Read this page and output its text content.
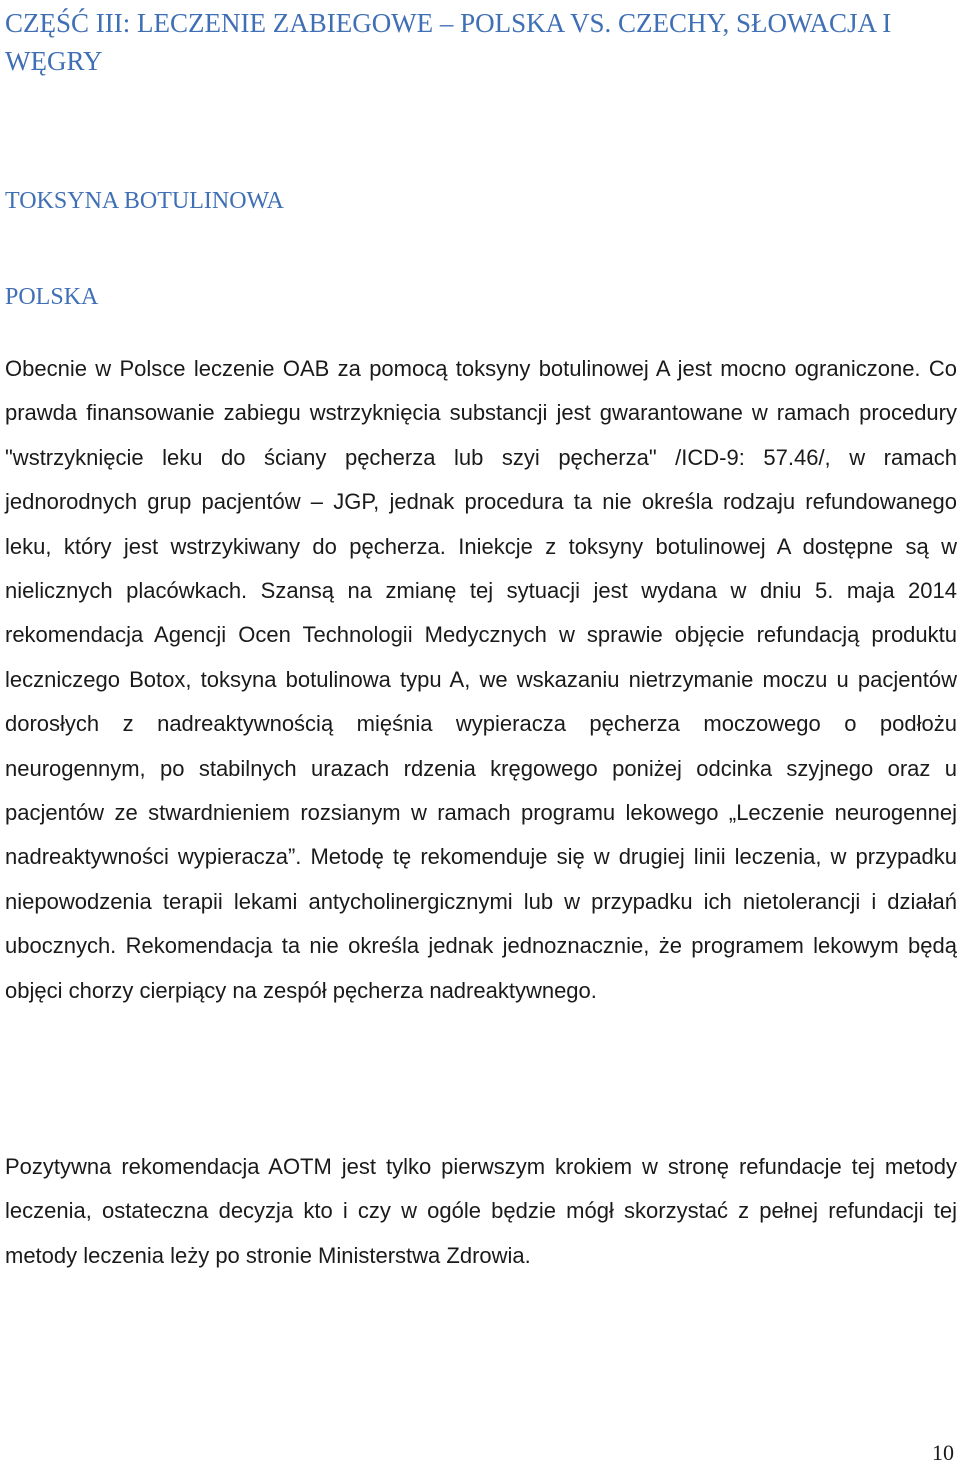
CZĘŚĆ III: LECZENIE ZABIEGOWE – POLSKA VS. CZECHY, SŁOWACJA I WĘGRY
TOKSYNA BOTULINOWA
POLSKA

Obecnie w Polsce leczenie OAB za pomocą toksyny botulinowej A jest mocno ograniczone. Co prawda finansowanie zabiegu wstrzyknięcia substancji jest gwarantowane w ramach procedury "wstrzyknięcie leku do ściany pęcherza lub szyi pęcherza" /ICD-9: 57.46/, w ramach jednorodnych grup pacjentów – JGP, jednak procedura ta nie określa rodzaju refundowanego leku, który jest wstrzykiwany do pęcherza. Iniekcje z toksyny botulinowej A dostępne są w nielicznych placówkach. Szansą na zmianę tej sytuacji jest wydana w dniu 5. maja 2014 rekomendacja Agencji Ocen Technologii Medycznych w sprawie objęcie refundacją produktu leczniczego Botox, toksyna botulinowa typu A, we wskazaniu nietrzymanie moczu u pacjentów dorosłych z nadreaktywnością mięśnia wypieracza pęcherza moczowego o podłożu neurogennym, po stabilnych urazach rdzenia kręgowego poniżej odcinka szyjnego oraz u pacjentów ze stwardnieniem rozsianym w ramach programu lekowego „Leczenie neurogennej nadreaktywności wypieracza”. Metodę tę rekomenduje się w drugiej linii leczenia, w przypadku niepowodzenia terapii lekami antycholinergicznymi lub w przypadku ich nietolerancji i działań ubocznych. Rekomendacja ta nie określa jednak jednoznacznie, że programem lekowym będą objęci chorzy cierpiący na zespół pęcherza nadreaktywnego.

Pozytywna rekomendacja AOTM jest tylko pierwszym krokiem w stronę refundacje tej metody leczenia, ostateczna decyzja kto i czy w ogóle będzie mógł skorzystać z pełnej refundacji tej metody leczenia leży po stronie Ministerstwa Zdrowia.

10
